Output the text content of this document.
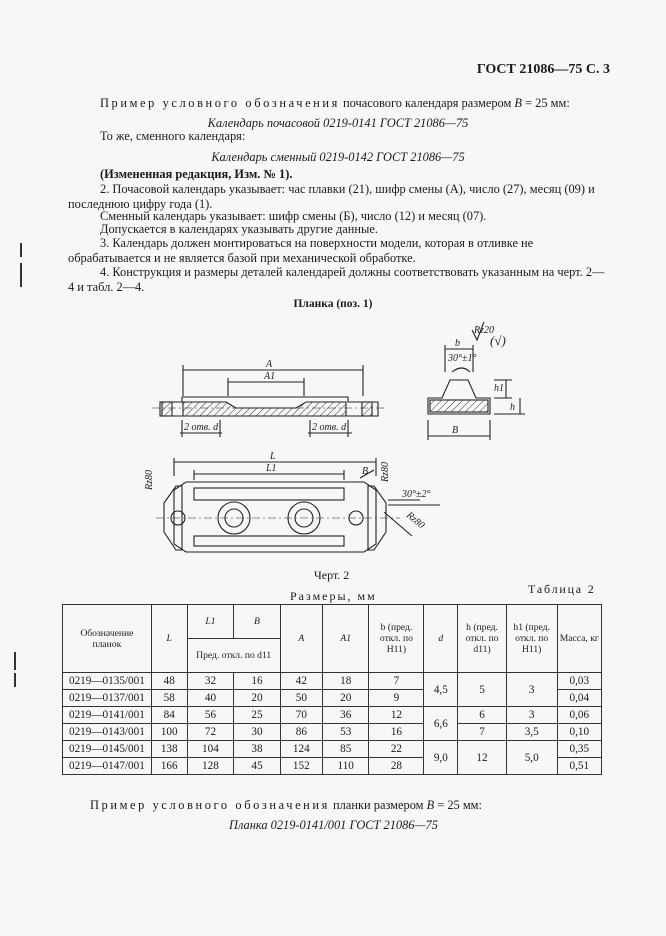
ГОСТ 21086—75 С. 3
Пример условного обозначения почасового календаря размером B = 25 мм:
Календарь почасовой 0219-0141 ГОСТ 21086—75
То же, сменного календаря:
Календарь сменный 0219-0142 ГОСТ 21086—75
(Измененная редакция, Изм. № 1).
2. Почасовой календарь указывает: час плавки (21), шифр смены (А), число (27), месяц (09) и последнюю цифру года (1).
Сменный календарь указывает: шифр смены (Б), число (12) и месяц (07).
Допускается в календарях указывать другие данные.
3. Календарь должен монтироваться на поверхности модели, которая в отливке не обрабатывается и не является базой при механической обработке.
4. Конструкция и размеры деталей календарей должны соответствовать указанным на черт. 2—4 и табл. 2—4.
Планка (поз. 1)
A
A1
2 отв. d	2 отв. d
b
30°±1°
Rz20
(√)
B
h1
h
L
L1	B
Rz80	Rz80
30°±2°
Rz80
Черт. 2
Таблица 2
Размеры, мм
Обозначение планок	L	L1	B	A	A1	b (пред. откл. по H11)	d	h (пред. откл. по d11)	h1 (пред. откл. по H11)	Масса, кг
		Пред. откл. по d11								
0219—0135/001	48	32	16	42	18	7	4,5	5	3	0,03
0219—0137/001	58	40	20	50	20	9				0,04
0219—0141/001	84	56	25	70	36	12	6,6	6	3	0,06
0219—0143/001	100	72	30	86	53	16		7	3,5	0,10
0219—0145/001	138	104	38	124	85	22	9,0	12	5,0	0,35
0219—0147/001	166	128	45	152	110	28				0,51
Пример условного обозначения планки размером B = 25 мм:
Планка 0219-0141/001 ГОСТ 21086—75
